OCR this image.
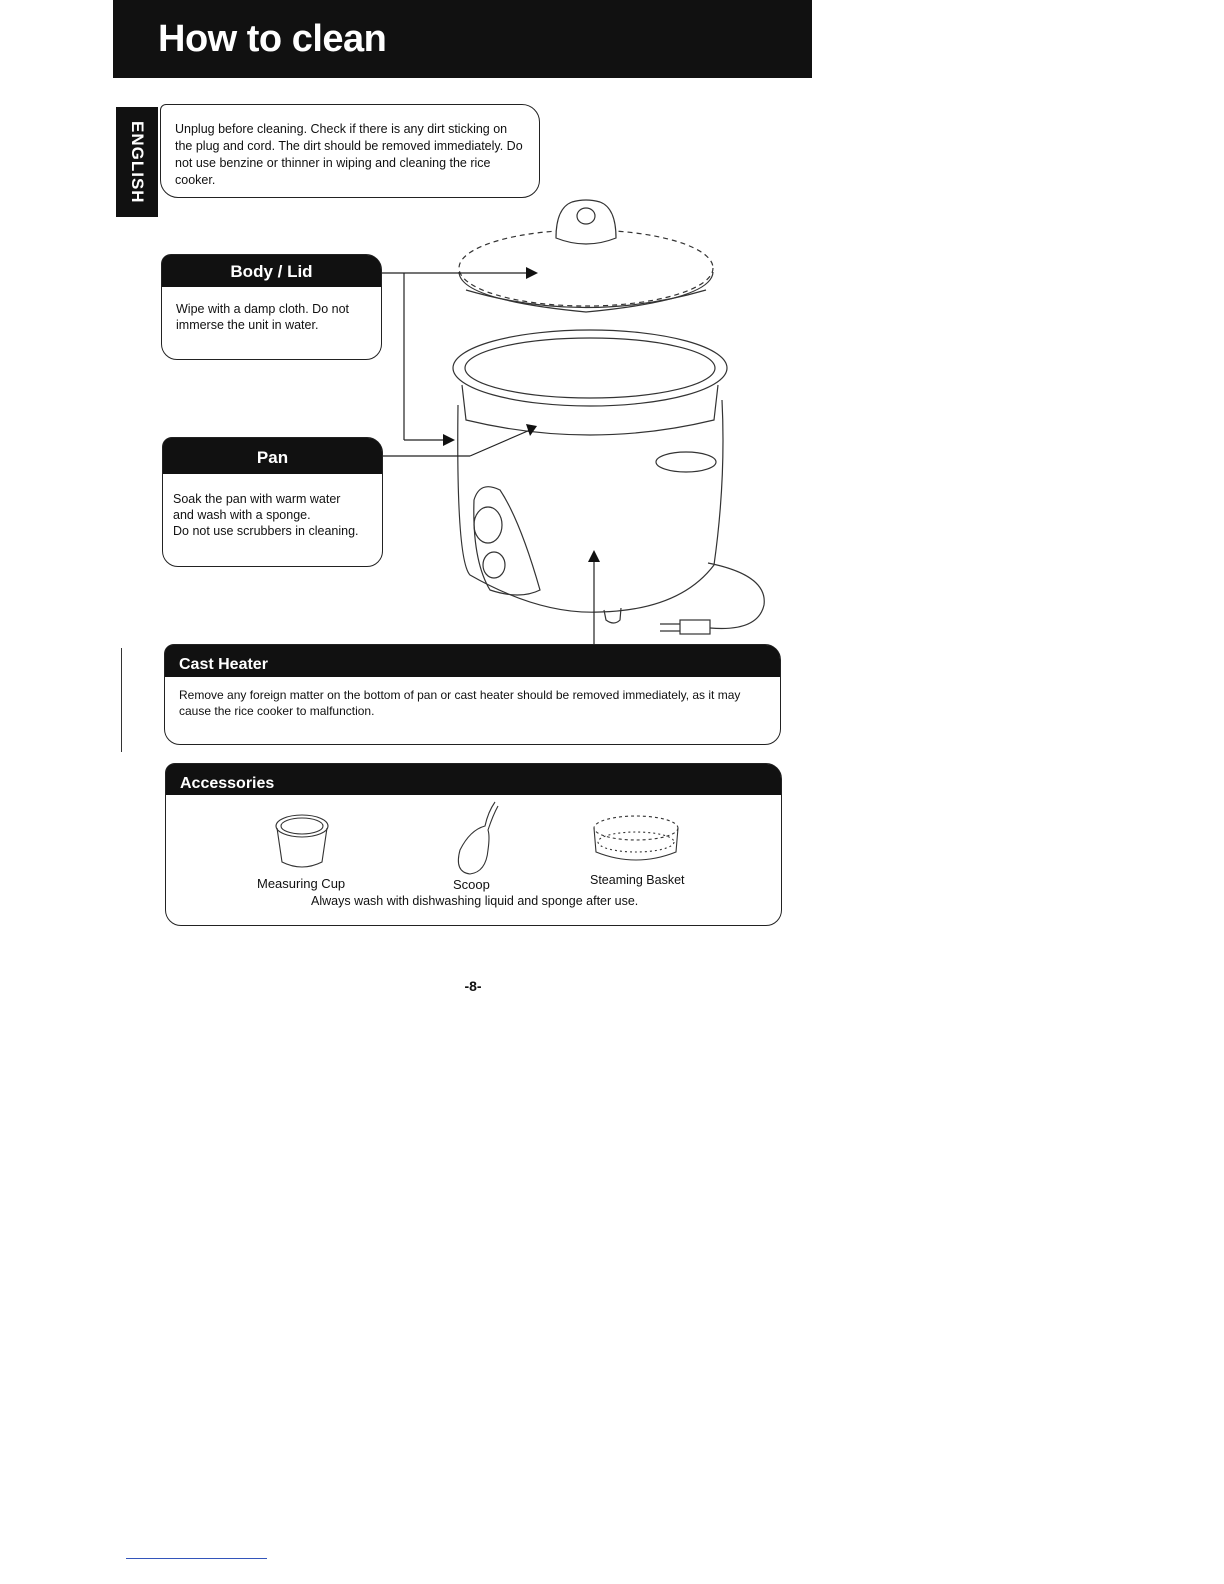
How to clean
ENGLISH Unplug before cleaning. Check if there is any dirt sticking on the plug and cord. The dirt should be removed immediately. Do not use benzine or thinner in wiping and cleaning the rice cooker.
Body / Lid
Wipe with a damp cloth. Do not immerse the unit in water.
Pan
Soak the pan with warm water
and wash with a sponge.
Do not use scrubbers in cleaning.
Cast Heater
Remove any foreign matter on the bottom of pan or cast heater should be removed immediately, as it may cause the rice cooker to malfunction.
Accessories
Measuring Cup	Scoop	Steaming Basket
Always wash with dishwashing liquid and sponge after use.
-8-
